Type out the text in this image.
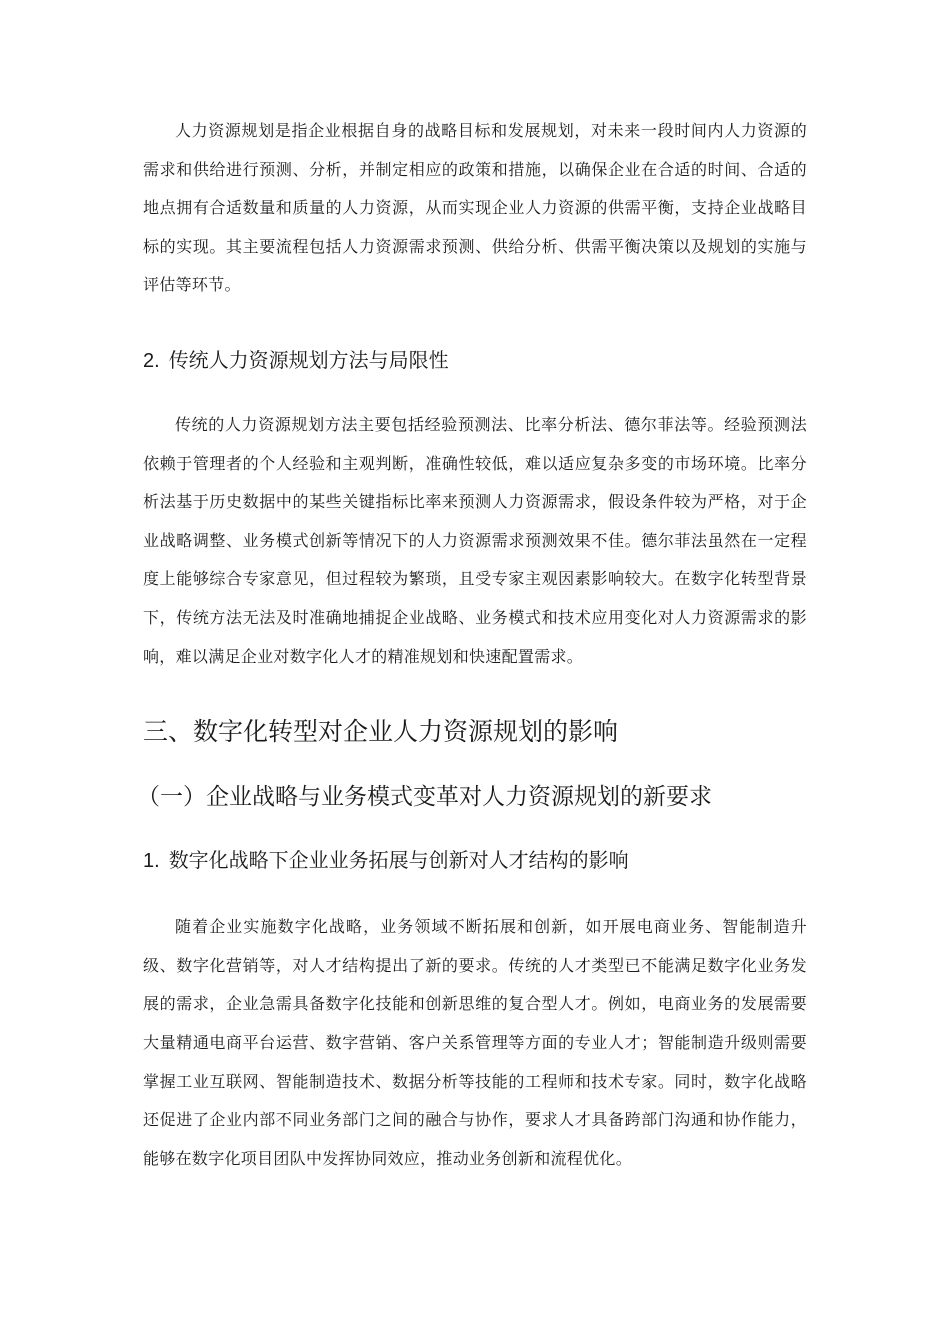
人力资源规划是指企业根据自身的战略目标和发展规划，对未来一段时间内人力资源的需求和供给进行预测、分析，并制定相应的政策和措施，以确保企业在合适的时间、合适的地点拥有合适数量和质量的人力资源，从而实现企业人力资源的供需平衡，支持企业战略目标的实现。其主要流程包括人力资源需求预测、供给分析、供需平衡决策以及规划的实施与评估等环节。

2. 传统人力资源规划方法与局限性

传统的人力资源规划方法主要包括经验预测法、比率分析法、德尔菲法等。经验预测法依赖于管理者的个人经验和主观判断，准确性较低，难以适应复杂多变的市场环境。比率分析法基于历史数据中的某些关键指标比率来预测人力资源需求，假设条件较为严格，对于企业战略调整、业务模式创新等情况下的人力资源需求预测效果不佳。德尔菲法虽然在一定程度上能够综合专家意见，但过程较为繁琐，且受专家主观因素影响较大。在数字化转型背景下，传统方法无法及时准确地捕捉企业战略、业务模式和技术应用变化对人力资源需求的影响，难以满足企业对数字化人才的精准规划和快速配置需求。

三、数字化转型对企业人力资源规划的影响
（一）企业战略与业务模式变革对人力资源规划的新要求
1. 数字化战略下企业业务拓展与创新对人才结构的影响

随着企业实施数字化战略，业务领域不断拓展和创新，如开展电商业务、智能制造升级、数字化营销等，对人才结构提出了新的要求。传统的人才类型已不能满足数字化业务发展的需求，企业急需具备数字化技能和创新思维的复合型人才。例如，电商业务的发展需要大量精通电商平台运营、数字营销、客户关系管理等方面的专业人才；智能制造升级则需要掌握工业互联网、智能制造技术、数据分析等技能的工程师和技术专家。同时，数字化战略还促进了企业内部不同业务部门之间的融合与协作，要求人才具备跨部门沟通和协作能力，能够在数字化项目团队中发挥协同效应，推动业务创新和流程优化。
